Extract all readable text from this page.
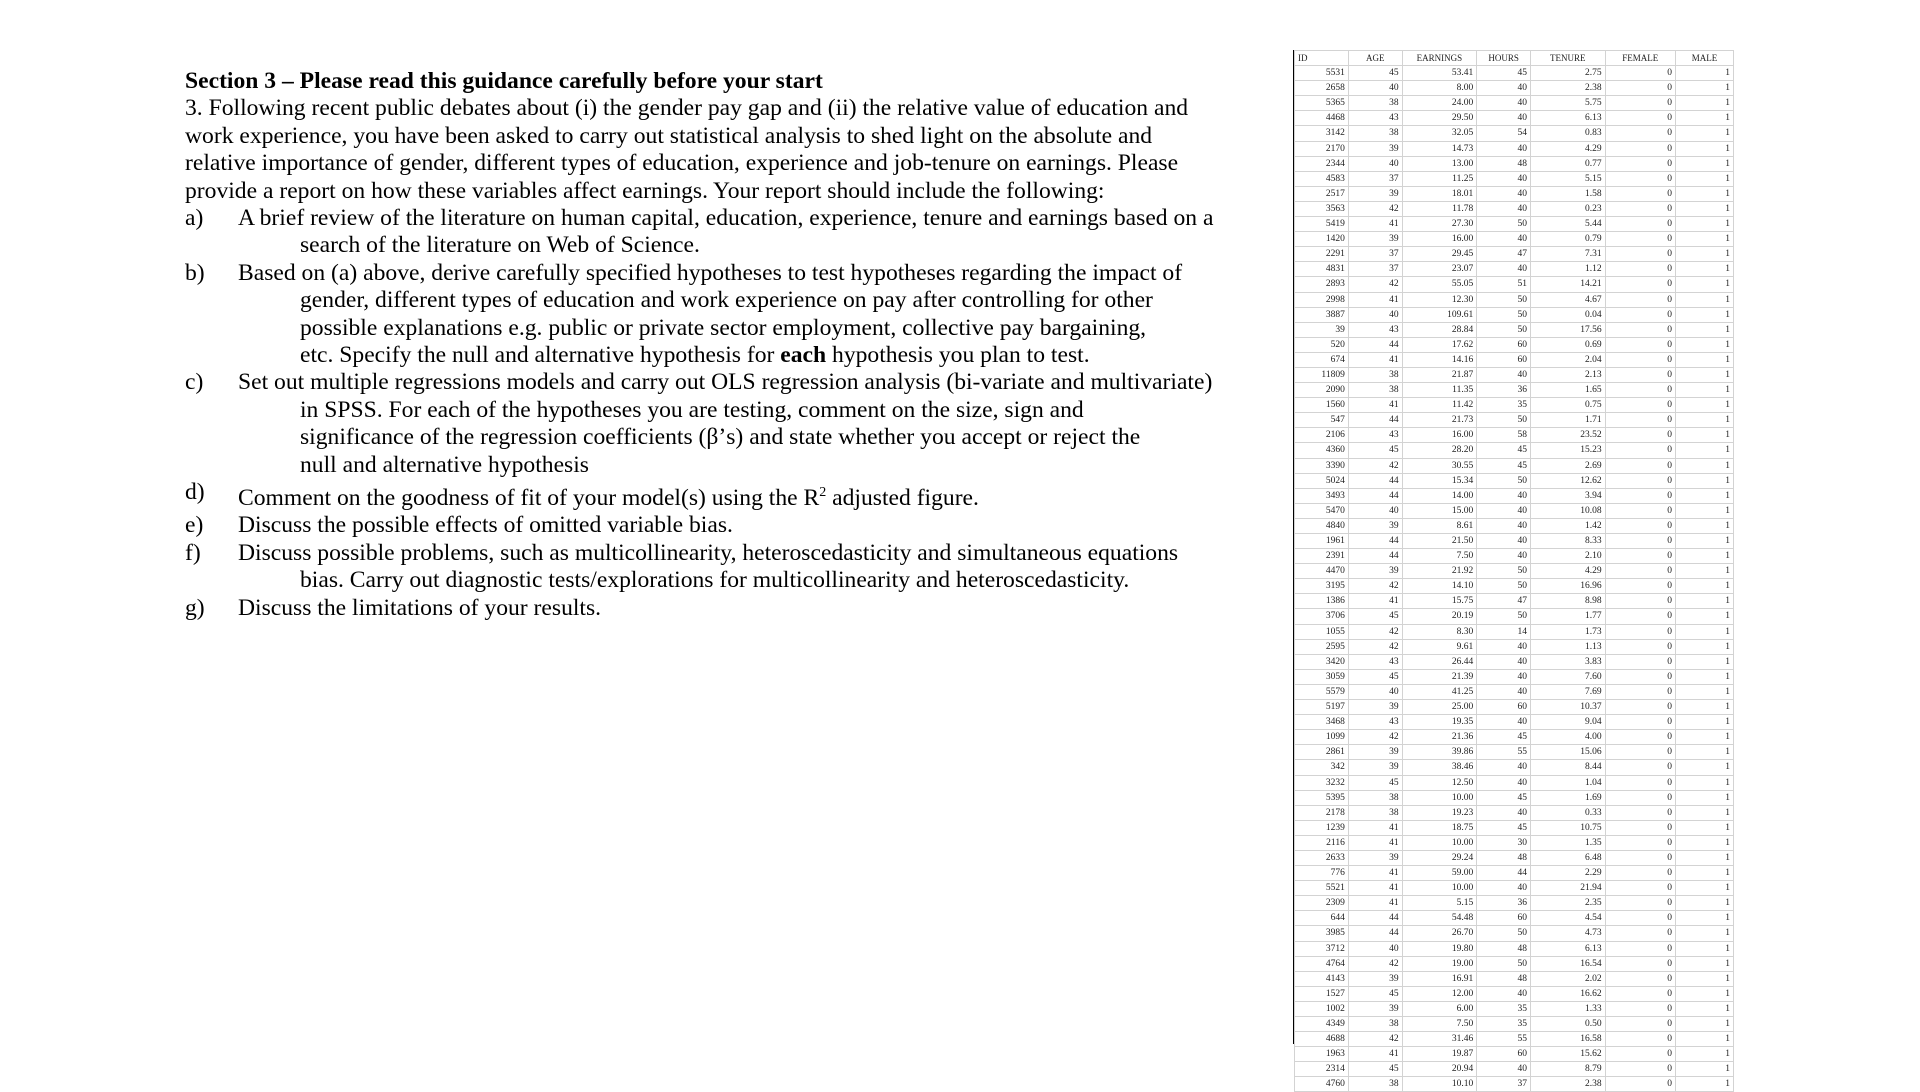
Section 3 – Please read this guidance carefully before your start
3. Following recent public debates about (i) the gender pay gap and (ii) the relative value of education and
work experience, you have been asked to carry out statistical analysis to shed light on the absolute and
relative importance of gender, different types of education, experience and job-tenure on earnings. Please
provide a report on how these variables affect earnings. Your report should include the following:
a)	A brief review of the literature on human capital, education, experience, tenure and earnings based on a
search of the literature on Web of Science.
b)	Based on (a) above, derive carefully specified hypotheses to test hypotheses regarding the impact of
gender, different types of education and work experience on pay after controlling for other
possible explanations e.g. public or private sector employment, collective pay bargaining,
etc. Specify the null and alternative hypothesis for each hypothesis you plan to test.
c)	Set out multiple regressions models and carry out OLS regression analysis (bi-variate and multivariate)
in SPSS. For each of the hypotheses you are testing, comment on the size, sign and
significance of the regression coefficients (β’s) and state whether you accept or reject the
null and alternative hypothesis
d)	Comment on the goodness of fit of your model(s) using the $R^2$ adjusted figure.
e)	Discuss the possible effects of omitted variable bias.
f)	Discuss possible problems, such as multicollinearity, heteroscedasticity and simultaneous equations
bias. Carry out diagnostic tests/explorations for multicollinearity and heteroscedasticity.
g)	Discuss the limitations of your results.
ID	AGE	EARNINGS	HOURS	TENURE	FEMALE	MALE
5531	45	53.41	45	2.75	0	1
2658	40	8.00	40	2.38	0	1
5365	38	24.00	40	5.75	0	1
4468	43	29.50	40	6.13	0	1
3142	38	32.05	54	0.83	0	1
2170	39	14.73	40	4.29	0	1
2344	40	13.00	48	0.77	0	1
4583	37	11.25	40	5.15	0	1
2517	39	18.01	40	1.58	0	1
3563	42	11.78	40	0.23	0	1
5419	41	27.30	50	5.44	0	1
1420	39	16.00	40	0.79	0	1
2291	37	29.45	47	7.31	0	1
4831	37	23.07	40	1.12	0	1
2893	42	55.05	51	14.21	0	1
2998	41	12.30	50	4.67	0	1
3887	40	109.61	50	0.04	0	1
39	43	28.84	50	17.56	0	1
520	44	17.62	60	0.69	0	1
674	41	14.16	60	2.04	0	1
11809	38	21.87	40	2.13	0	1
2090	38	11.35	36	1.65	0	1
1560	41	11.42	35	0.75	0	1
547	44	21.73	50	1.71	0	1
2106	43	16.00	58	23.52	0	1
4360	45	28.20	45	15.23	0	1
3390	42	30.55	45	2.69	0	1
5024	44	15.34	50	12.62	0	1
3493	44	14.00	40	3.94	0	1
5470	40	15.00	40	10.08	0	1
4840	39	8.61	40	1.42	0	1
1961	44	21.50	40	8.33	0	1
2391	44	7.50	40	2.10	0	1
4470	39	21.92	50	4.29	0	1
3195	42	14.10	50	16.96	0	1
1386	41	15.75	47	8.98	0	1
3706	45	20.19	50	1.77	0	1
1055	42	8.30	14	1.73	0	1
2595	42	9.61	40	1.13	0	1
3420	43	26.44	40	3.83	0	1
3059	45	21.39	40	7.60	0	1
5579	40	41.25	40	7.69	0	1
5197	39	25.00	60	10.37	0	1
3468	43	19.35	40	9.04	0	1
1099	42	21.36	45	4.00	0	1
2861	39	39.86	55	15.06	0	1
342	39	38.46	40	8.44	0	1
3232	45	12.50	40	1.04	0	1
5395	38	10.00	45	1.69	0	1
2178	38	19.23	40	0.33	0	1
1239	41	18.75	45	10.75	0	1
2116	41	10.00	30	1.35	0	1
2633	39	29.24	48	6.48	0	1
776	41	59.00	44	2.29	0	1
5521	41	10.00	40	21.94	0	1
2309	41	5.15	36	2.35	0	1
644	44	54.48	60	4.54	0	1
3985	44	26.70	50	4.73	0	1
3712	40	19.80	48	6.13	0	1
4764	42	19.00	50	16.54	0	1
4143	39	16.91	48	2.02	0	1
1527	45	12.00	40	16.62	0	1
1002	39	6.00	35	1.33	0	1
4349	38	7.50	35	0.50	0	1
4688	42	31.46	55	16.58	0	1
1963	41	19.87	60	15.62	0	1
2314	45	20.94	40	8.79	0	1
4760	38	10.10	37	2.38	0	1
